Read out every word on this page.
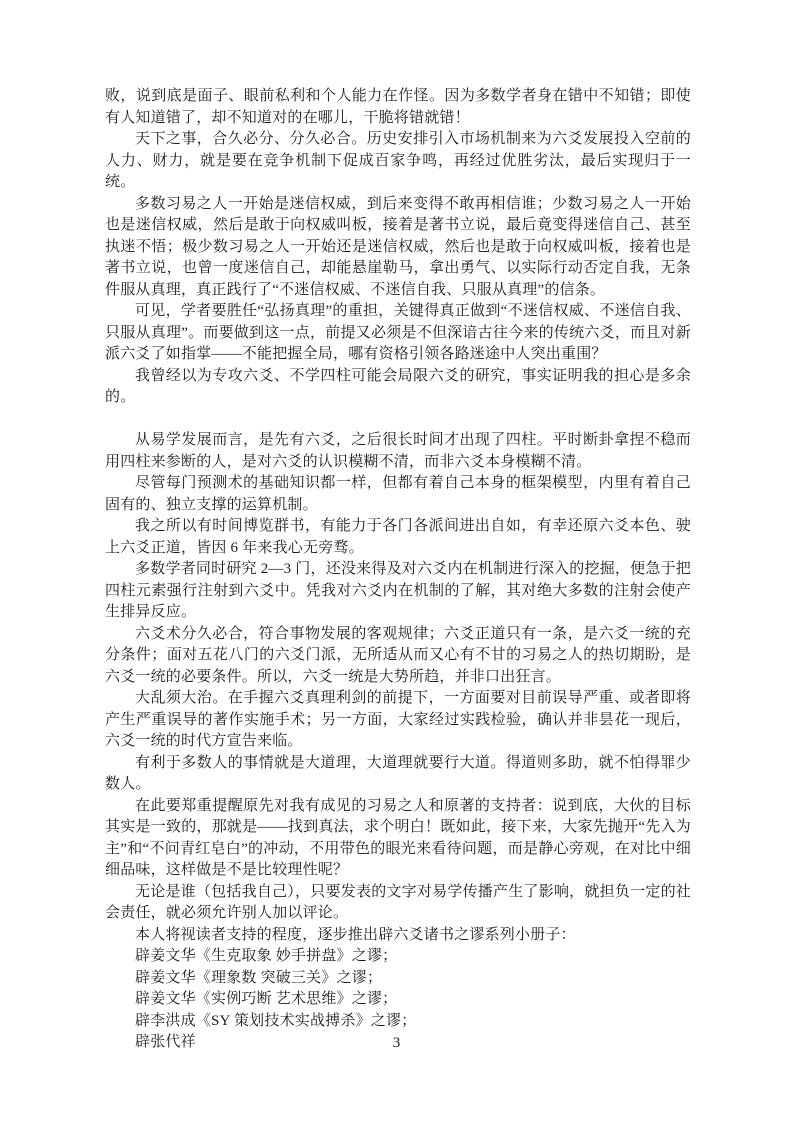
败，说到底是面子、眼前私利和个人能力在作怪。因为多数学者身在错中不知错；即使有人知道错了，却不知道对的在哪儿，干脆将错就错！

天下之事，合久必分、分久必合。历史安排引入市场机制来为六爻发展投入空前的人力、财力，就是要在竞争机制下促成百家争鸣，再经过优胜劣汰，最后实现归于一统。

多数习易之人一开始是迷信权威，到后来变得不敢再相信谁；少数习易之人一开始也是迷信权威，然后是敢于向权威叫板，接着是著书立说，最后竟变得迷信自己、甚至执迷不悟；极少数习易之人一开始还是迷信权威，然后也是敢于向权威叫板，接着也是著书立说，也曾一度迷信自己，却能悬崖勒马，拿出勇气、以实际行动否定自我，无条件服从真理，真正践行了“不迷信权威、不迷信自我、只服从真理”的信条。

可见，学者要胜任“弘扬真理”的重担，关键得真正做到“不迷信权威、不迷信自我、只服从真理”。而要做到这一点，前提又必须是不但深谙古往今来的传统六爻，而且对新派六爻了如指掌——不能把握全局，哪有资格引领各路迷途中人突出重围？

我曾经以为专攻六爻、不学四柱可能会局限六爻的研究，事实证明我的担心是多余的。

从易学发展而言，是先有六爻，之后很长时间才出现了四柱。平时断卦拿捏不稳而用四柱来参断的人，是对六爻的认识模糊不清，而非六爻本身模糊不清。

尽管每门预测术的基础知识都一样，但都有着自己本身的框架模型，内里有着自己固有的、独立支撑的运算机制。

我之所以有时间博览群书，有能力于各门各派间进出自如，有幸还原六爻本色、驶上六爻正道，皆因 6 年来我心无旁骛。

多数学者同时研究 2—3 门，还没来得及对六爻内在机制进行深入的挖掘，便急于把四柱元素强行注射到六爻中。凭我对六爻内在机制的了解，其对绝大多数的注射会使产生排异反应。

六爻术分久必合，符合事物发展的客观规律；六爻正道只有一条，是六爻一统的充分条件；面对五花八门的六爻门派，无所适从而又心有不甘的习易之人的热切期盼，是六爻一统的必要条件。所以，六爻一统是大势所趋，并非口出狂言。

大乱须大治。在手握六爻真理利剑的前提下，一方面要对目前误导严重、或者即将产生严重误导的著作实施手术；另一方面，大家经过实践检验，确认并非昙花一现后，六爻一统的时代方宣告来临。

有利于多数人的事情就是大道理，大道理就要行大道。得道则多助，就不怕得罪少数人。

在此要郑重提醒原先对我有成见的习易之人和原著的支持者：说到底，大伙的目标其实是一致的，那就是——找到真法，求个明白！既如此，接下来，大家先抛开“先入为主”和“不问青红皂白”的冲动，不用带色的眼光来看待问题，而是静心旁观，在对比中细细品味，这样做是不是比较理性呢？

无论是谁（包括我自己），只要发表的文字对易学传播产生了影响，就担负一定的社会责任，就必须允许别人加以评论。

本人将视读者支持的程度，逐步推出辟六爻诸书之谬系列小册子：

辟姜文华《生克取象 妙手拼盘》之谬；

辟姜文华《理象数 突破三关》之谬；

辟姜文华《实例巧断 艺术思维》之谬；

辟李洪成《SY 策划技术实战搏杀》之谬；

辟张代祥	3
